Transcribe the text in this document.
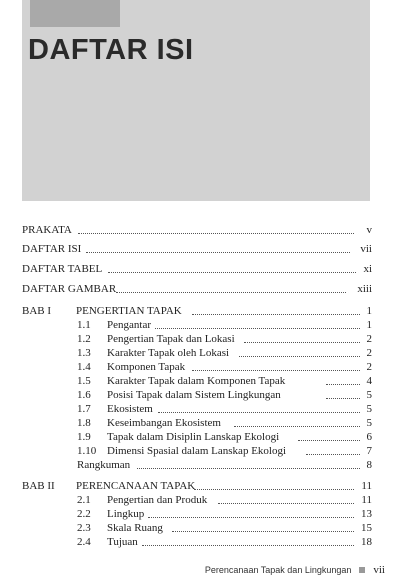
DAFTAR ISI
PRAKATA	v
DAFTAR ISI	vii
DAFTAR TABEL	xi
DAFTAR GAMBAR	xiii
BAB I PENGERTIAN TAPAK	1
1.1 Pengantar	1
1.2 Pengertian Tapak dan Lokasi	2
1.3 Karakter Tapak oleh Lokasi	2
1.4 Komponen Tapak	2
1.5 Karakter Tapak dalam Komponen Tapak	4
1.6 Posisi Tapak dalam Sistem Lingkungan	5
1.7 Ekosistem	5
1.8 Keseimbangan Ekosistem	5
1.9 Tapak dalam Disiplin Lanskap Ekologi	6
1.10 Dimensi Spasial dalam Lanskap Ekologi	7
Rangkuman	8
BAB II PERENCANAAN TAPAK	11
2.1 Pengertian dan Produk	11
2.2 Lingkup	13
2.3 Skala Ruang	15
2.4 Tujuan	18
Perencanaan Tapak dan Lingkungan vii
